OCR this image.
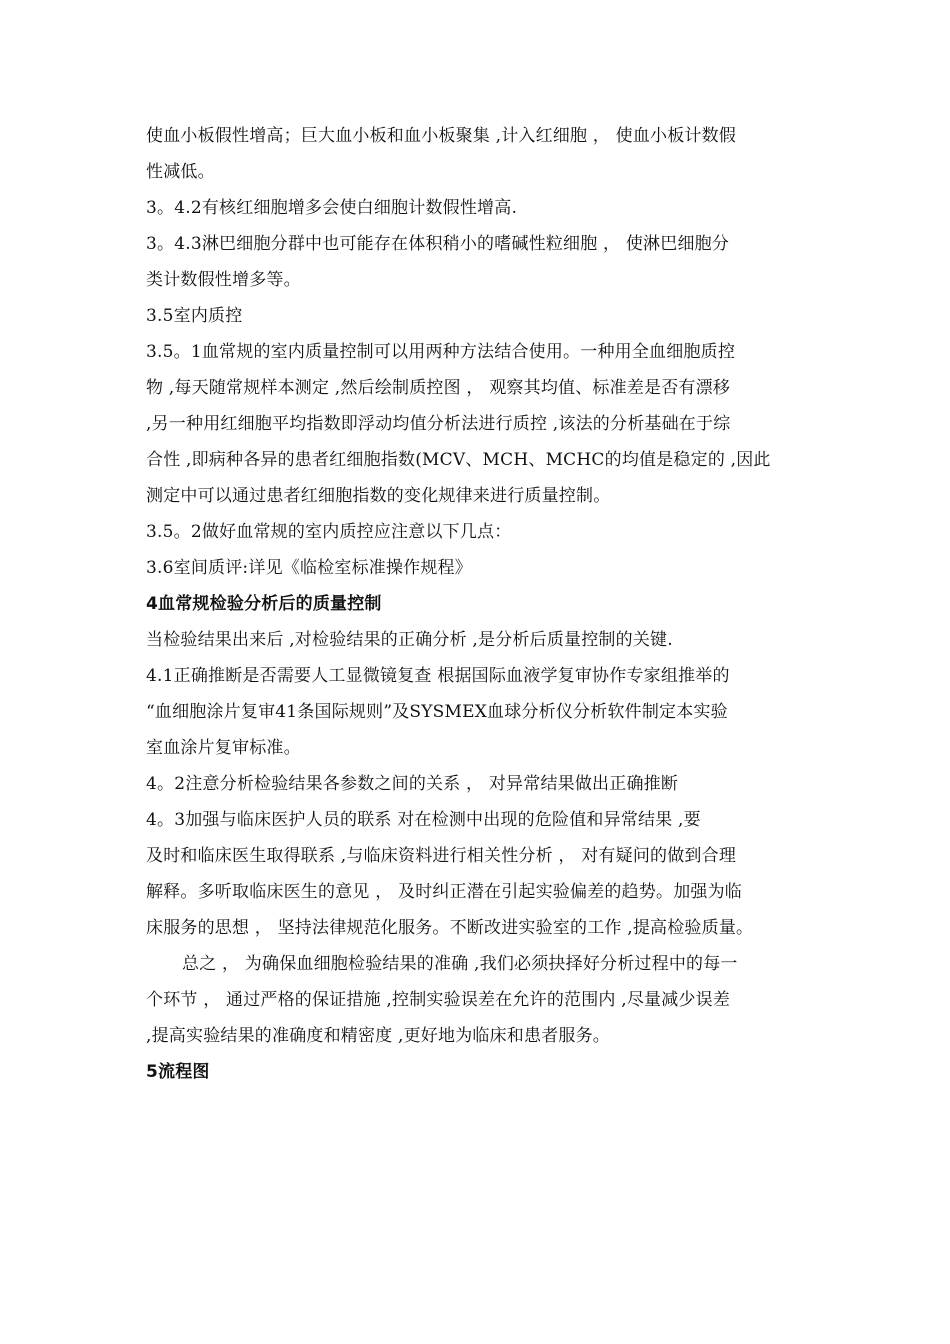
使血小板假性增高；巨大血小板和血小板聚集 ,计入红细胞 ， 使血小板计数假

性减低。

3。4.2有核红细胞增多会使白细胞计数假性增高.

3。4.3淋巴细胞分群中也可能存在体积稍小的嗜碱性粒细胞 ， 使淋巴细胞分

类计数假性增多等。

3.5室内质控

3.5。1血常规的室内质量控制可以用两种方法结合使用。一种用全血细胞质控

物 ,每天随常规样本测定 ,然后绘制质控图 ， 观察其均值、标准差是否有漂移

,另一种用红细胞平均指数即浮动均值分析法进行质控 ,该法的分析基础在于综

合性 ,即病种各异的患者红细胞指数(MCV、MCH、MCHC的均值是稳定的 ,因此

测定中可以通过患者红细胞指数的变化规律来进行质量控制。

3.5。2做好血常规的室内质控应注意以下几点：

3.6室间质评:详见《临检室标准操作规程》

4血常规检验分析后的质量控制

当检验结果出来后 ,对检验结果的正确分析 ,是分析后质量控制的关键.

4.1正确推断是否需要人工显微镜复查 根据国际血液学复审协作专家组推举的

“血细胞涂片复审41条国际规则”及SYSMEX血球分析仪分析软件制定本实验

室血涂片复审标准。

4。2注意分析检验结果各参数之间的关系 ， 对异常结果做出正确推断

4。3加强与临床医护人员的联系 对在检测中出现的危险值和异常结果 ,要

及时和临床医生取得联系 ,与临床资料进行相关性分析 ， 对有疑问的做到合理

解释。多听取临床医生的意见 ， 及时纠正潜在引起实验偏差的趋势。加强为临

床服务的思想 ， 坚持法律规范化服务。不断改进实验室的工作 ,提高检验质量。

总之 ， 为确保血细胞检验结果的准确 ,我们必须抉择好分析过程中的每一

个环节 ， 通过严格的保证措施 ,控制实验误差在允许的范围内 ,尽量减少误差

,提高实验结果的准确度和精密度 ,更好地为临床和患者服务。

5流程图
